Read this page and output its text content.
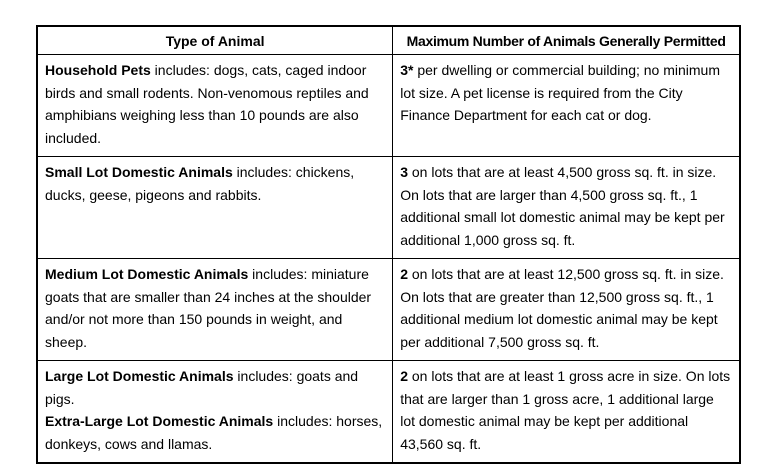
Type of Animal	Maximum Number of Animals Generally Permitted

Household Pets includes: dogs, cats, caged indoor birds and small rodents. Non-venomous reptiles and amphibians weighing less than 10 pounds are also included.	3* per dwelling or commercial building; no minimum lot size. A pet license is required from the City Finance Department for each cat or dog.

Small Lot Domestic Animals includes: chickens, ducks, geese, pigeons and rabbits.	3 on lots that are at least 4,500 gross sq. ft. in size. On lots that are larger than 4,500 gross sq. ft., 1 additional small lot domestic animal may be kept per additional 1,000 gross sq. ft.

Medium Lot Domestic Animals includes: miniature goats that are smaller than 24 inches at the shoulder and/or not more than 150 pounds in weight, and sheep.	2 on lots that are at least 12,500 gross sq. ft. in size. On lots that are greater than 12,500 gross sq. ft., 1 additional medium lot domestic animal may be kept per additional 7,500 gross sq. ft.

Large Lot Domestic Animals includes: goats and pigs.
Extra-Large Lot Domestic Animals includes: horses, donkeys, cows and llamas.	2 on lots that are at least 1 gross acre in size. On lots that are larger than 1 gross acre, 1 additional large lot domestic animal may be kept per additional 43,560 sq. ft.
